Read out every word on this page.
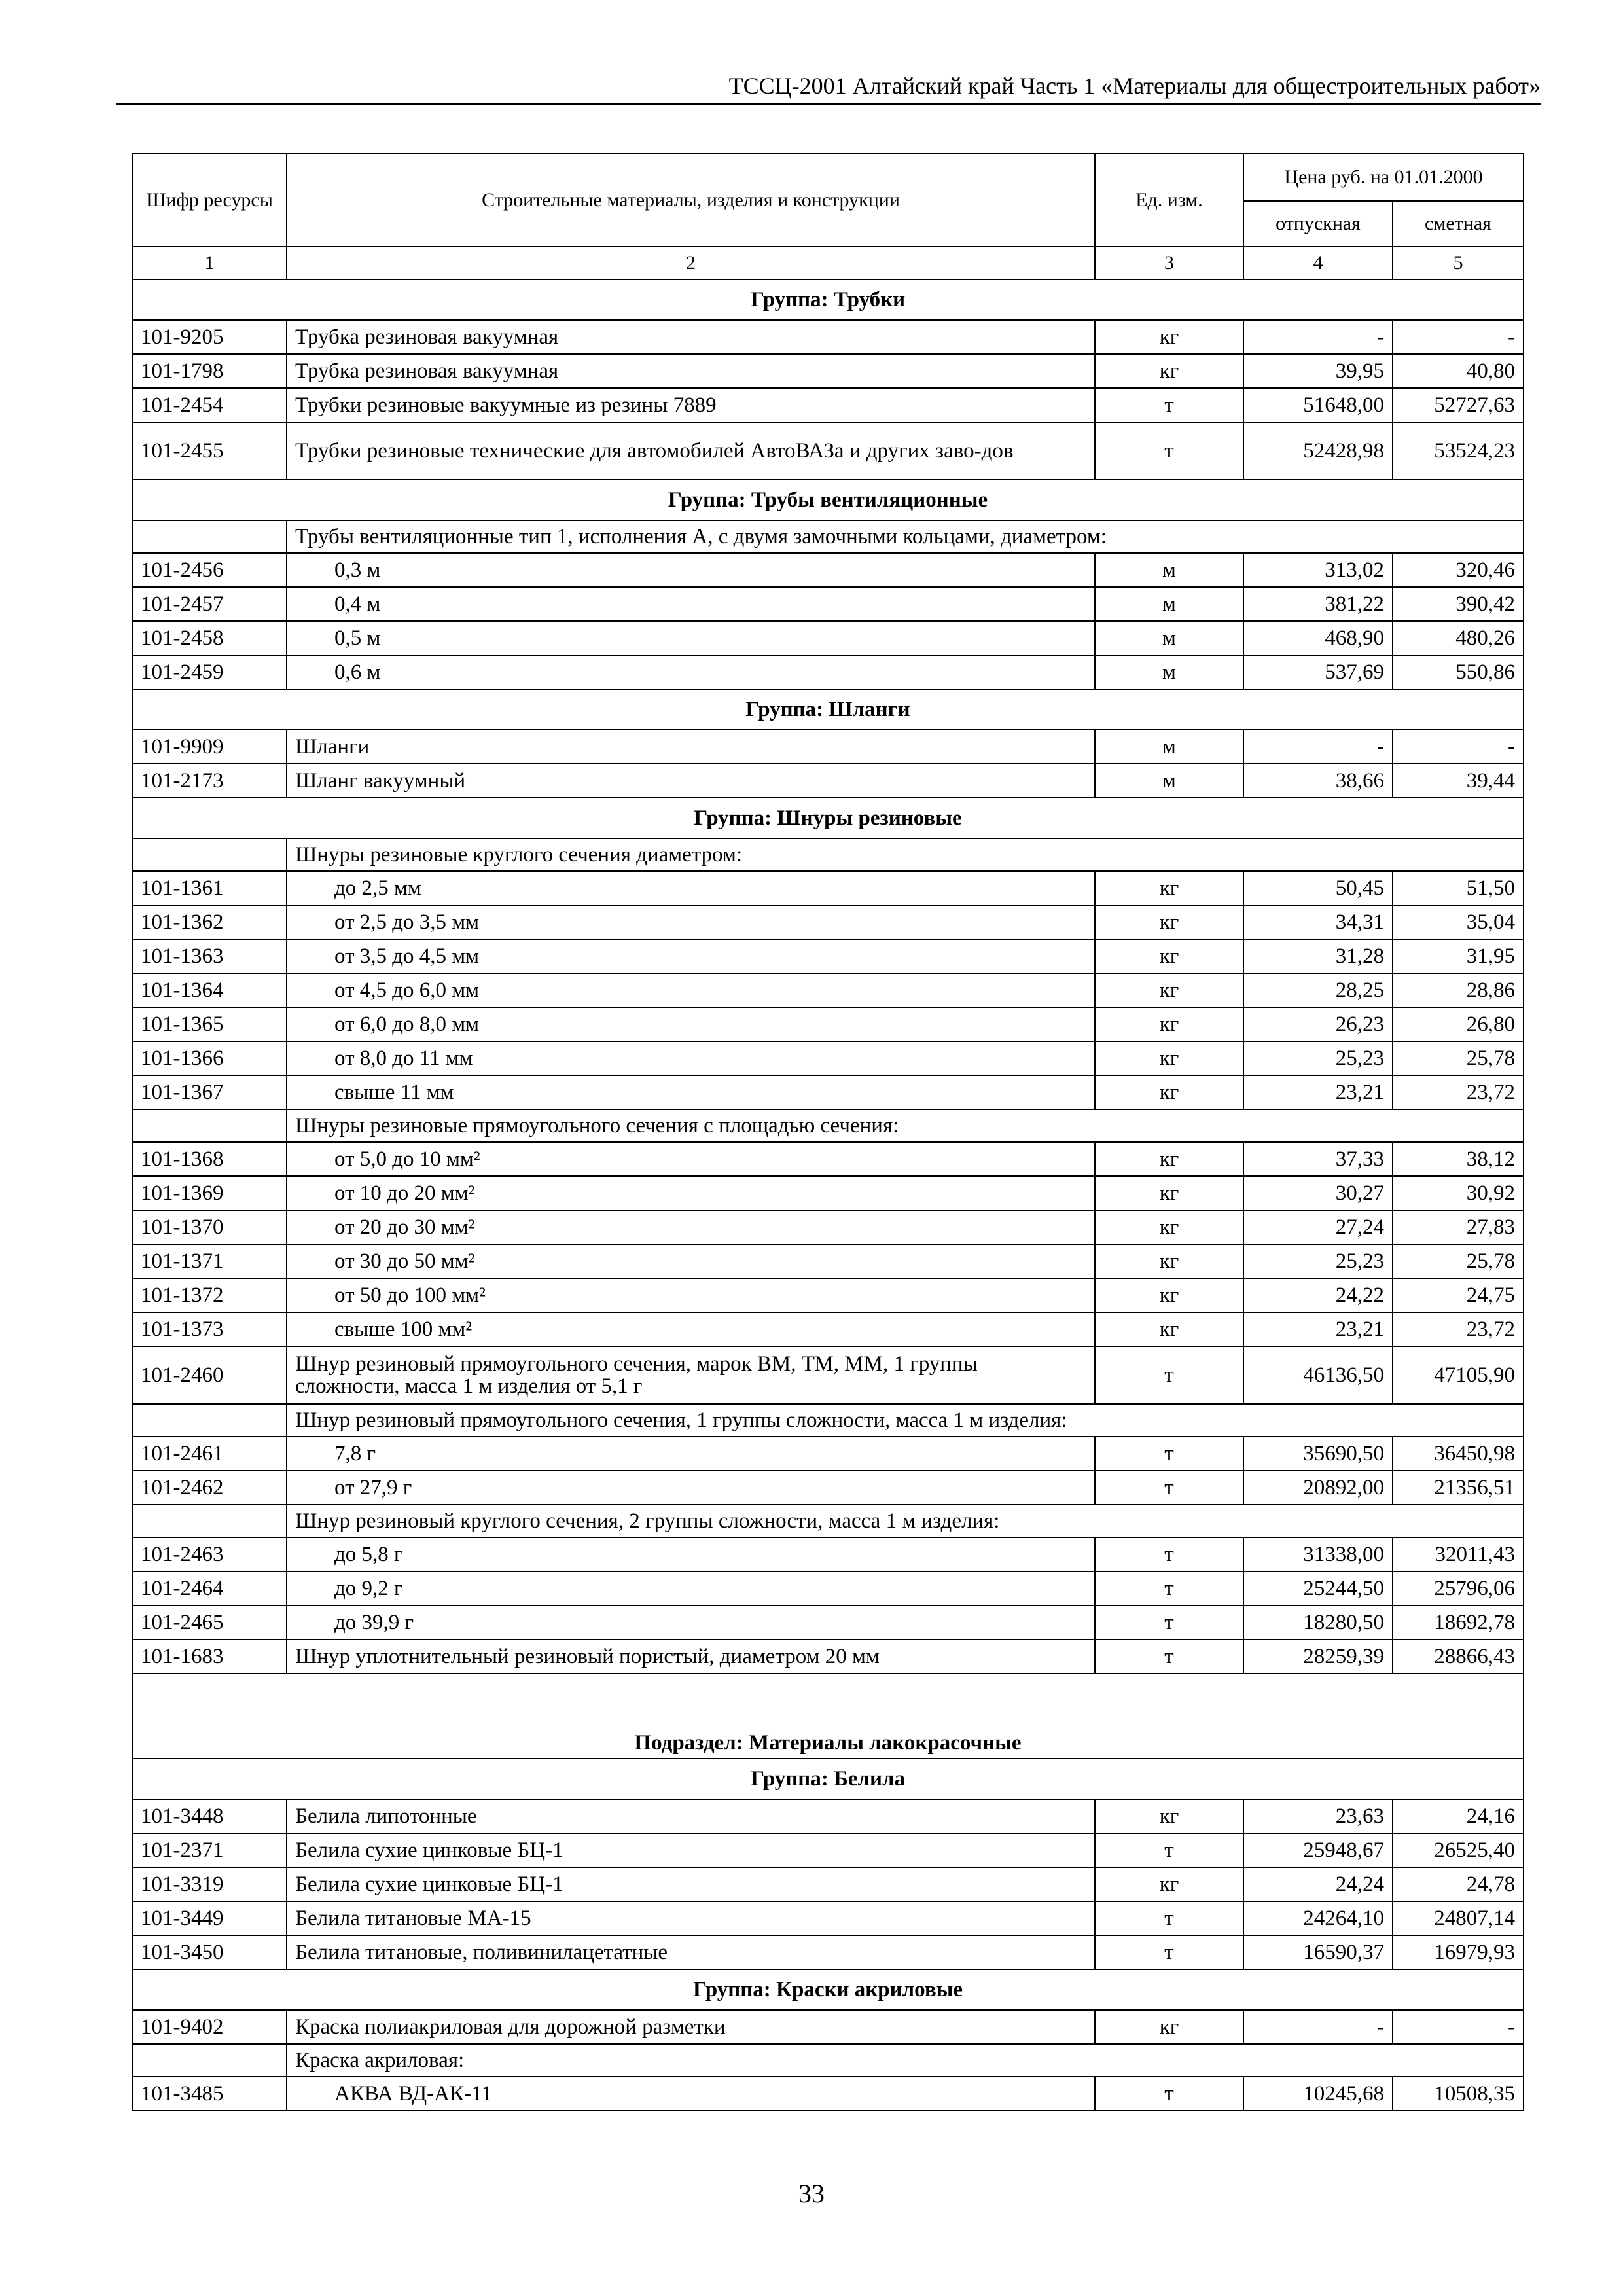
ТССЦ-2001 Алтайский край Часть 1 «Материалы для общестроительных работ»
Шифр ресурсы	Строительные материалы, изделия и конструкции	Ед. изм.	Цена руб. на 01.01.2000	
			отпускная	сметная
1	2	3	4	5
Группа: Трубки				
101-9205	Трубка резиновая вакуумная	кг	-	-
101-1798	Трубка резиновая вакуумная	кг	39,95	40,80
101-2454	Трубки резиновые вакуумные из резины 7889	т	51648,00	52727,63
101-2455	Трубки резиновые технические для автомобилей АвтоВАЗа и других заво-дов	т	52428,98	53524,23
Группа: Трубы вентиляционные				
	Трубы вентиляционные тип 1, исполнения А, с двумя замочными кольцами, диаметром:			
101-2456	0,3 м	м	313,02	320,46
101-2457	0,4 м	м	381,22	390,42
101-2458	0,5 м	м	468,90	480,26
101-2459	0,6 м	м	537,69	550,86
Группа: Шланги				
101-9909	Шланги	м	-	-
101-2173	Шланг вакуумный	м	38,66	39,44
Группа: Шнуры резиновые				
	Шнуры резиновые круглого сечения диаметром:			
101-1361	до 2,5 мм	кг	50,45	51,50
101-1362	от 2,5 до 3,5 мм	кг	34,31	35,04
101-1363	от 3,5 до 4,5 мм	кг	31,28	31,95
101-1364	от 4,5 до 6,0 мм	кг	28,25	28,86
101-1365	от 6,0 до 8,0 мм	кг	26,23	26,80
101-1366	от 8,0 до 11 мм	кг	25,23	25,78
101-1367	свыше 11 мм	кг	23,21	23,72
	Шнуры резиновые прямоугольного сечения с площадью сечения:			
101-1368	от 5,0 до 10 мм²	кг	37,33	38,12
101-1369	от 10 до 20 мм²	кг	30,27	30,92
101-1370	от 20 до 30 мм²	кг	27,24	27,83
101-1371	от 30 до 50 мм²	кг	25,23	25,78
101-1372	от 50 до 100 мм²	кг	24,22	24,75
101-1373	свыше 100 мм²	кг	23,21	23,72
101-2460	Шнур резиновый прямоугольного сечения, марок ВМ, ТМ, ММ, 1 группы сложности, масса 1 м изделия от 5,1 г	т	46136,50	47105,90
	Шнур резиновый прямоугольного сечения, 1 группы сложности, масса 1 м изделия:			
101-2461	7,8 г	т	35690,50	36450,98
101-2462	от 27,9 г	т	20892,00	21356,51
	Шнур резиновый круглого сечения, 2 группы сложности, масса 1 м изделия:			
101-2463	до 5,8 г	т	31338,00	32011,43
101-2464	до 9,2 г	т	25244,50	25796,06
101-2465	до 39,9 г	т	18280,50	18692,78
101-1683	Шнур уплотнительный резиновый пористый, диаметром 20 мм	т	28259,39	28866,43
Подраздел: Материалы лакокрасочные				
Группа: Белила				
101-3448	Белила липотонные	кг	23,63	24,16
101-2371	Белила сухие цинковые БЦ-1	т	25948,67	26525,40
101-3319	Белила сухие цинковые БЦ-1	кг	24,24	24,78
101-3449	Белила титановые МА-15	т	24264,10	24807,14
101-3450	Белила титановые, поливинилацетатные	т	16590,37	16979,93
Группа: Краски акриловые				
101-9402	Краска полиакриловая для дорожной разметки	кг	-	-
	Краска акриловая:			
101-3485	АКВА ВД-АК-11	т	10245,68	10508,35
33
